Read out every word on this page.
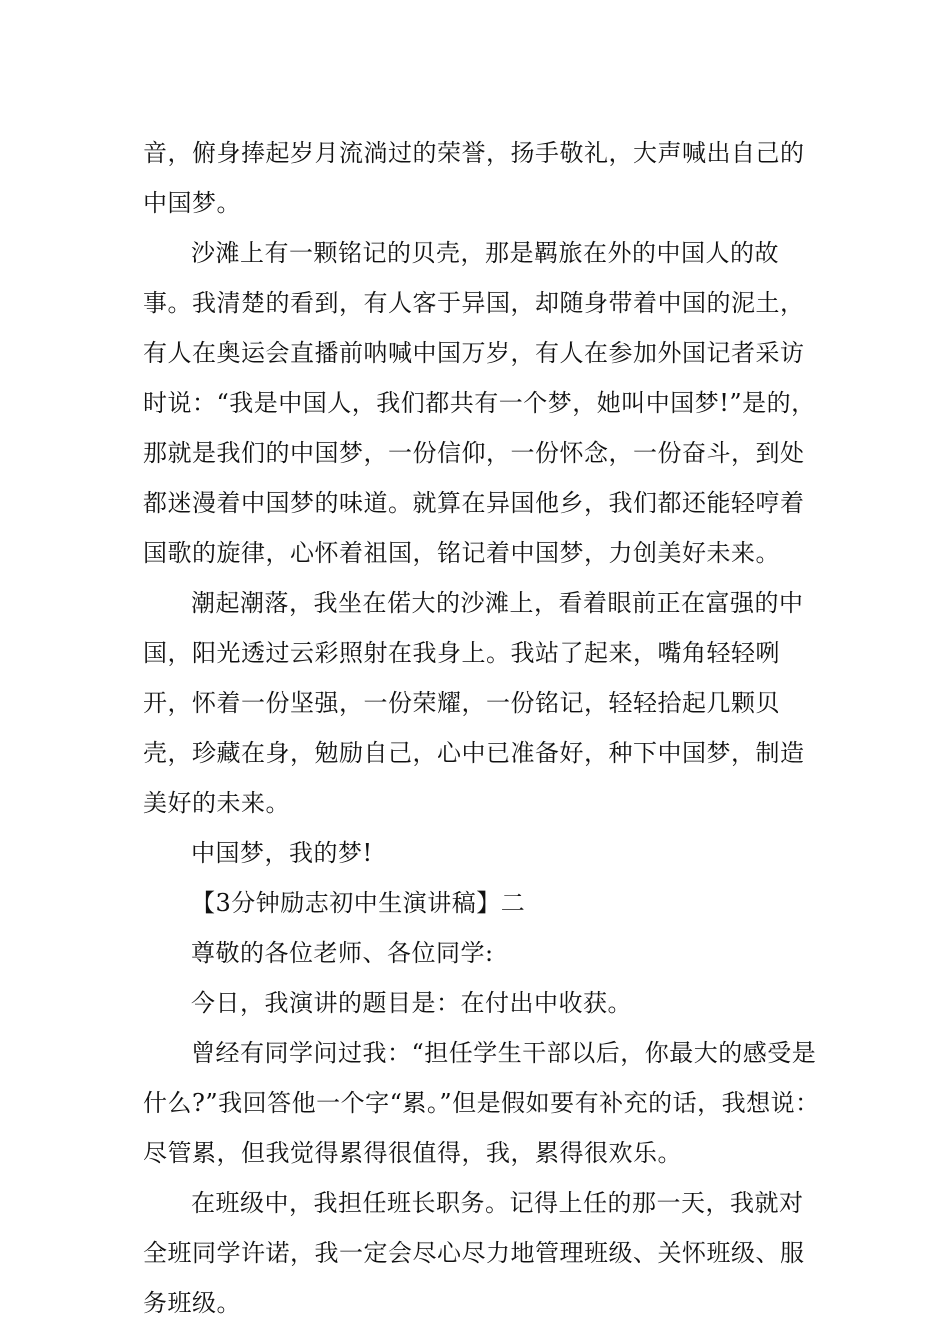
音，俯身捧起岁月流淌过的荣誉，扬手敬礼，大声喊出自己的中国梦。

沙滩上有一颗铭记的贝壳，那是羁旅在外的中国人的故事。我清楚的看到，有人客于异国，却随身带着中国的泥土，有人在奥运会直播前呐喊中国万岁，有人在参加外国记者采访时说：“我是中国人，我们都共有一个梦，她叫中国梦!”是的，那就是我们的中国梦，一份信仰，一份怀念，一份奋斗，到处都迷漫着中国梦的味道。就算在异国他乡，我们都还能轻哼着国歌的旋律，心怀着祖国，铭记着中国梦，力创美好未来。

潮起潮落，我坐在偌大的沙滩上，看着眼前正在富强的中国，阳光透过云彩照射在我身上。我站了起来，嘴角轻轻咧开，怀着一份坚强，一份荣耀，一份铭记，轻轻拾起几颗贝壳，珍藏在身，勉励自己，心中已准备好，种下中国梦，制造美好的未来。

中国梦，我的梦!

【3分钟励志初中生演讲稿】二

尊敬的各位老师、各位同学:

今日，我演讲的题目是：在付出中收获。

曾经有同学问过我：“担任学生干部以后，你最大的感受是什么?”我回答他一个字“累。”但是假如要有补充的话，我想说：尽管累，但我觉得累得很值得，我，累得很欢乐。

在班级中，我担任班长职务。记得上任的那一天，我就对全班同学许诺，我一定会尽心尽力地管理班级、关怀班级、服务班级。
